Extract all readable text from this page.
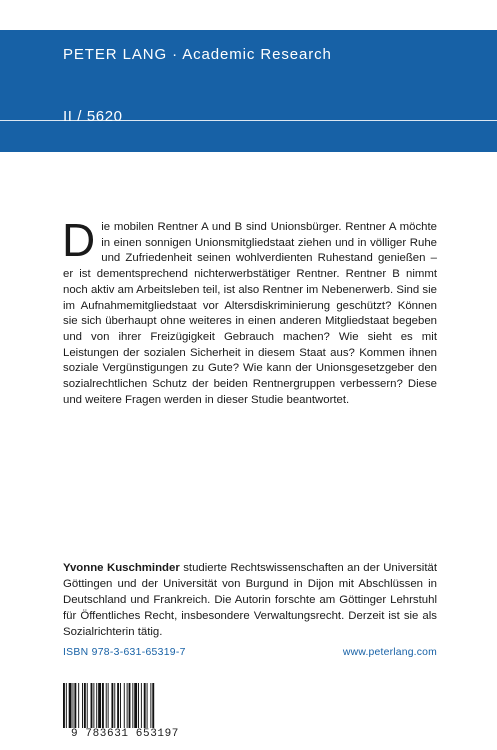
PETER LANG · Academic Research
II / 5620
D ie mobilen Rentner A und B sind Unionsbürger. Rentner A möchte in einen sonnigen Unionsmitgliedstaat ziehen und in völliger Ruhe und Zufriedenheit seinen wohlverdienten Ruhestand genießen – er ist dementsprechend nichterwerbstätiger Rentner. Rentner B nimmt noch aktiv am Arbeitsleben teil, ist also Rentner im Nebenerwerb. Sind sie im Aufnahmemitgliedstaat vor Altersdiskriminierung geschützt? Können sie sich überhaupt ohne weiteres in einen anderen Mitgliedstaat begeben und von ihrer Freizügigkeit Gebrauch machen? Wie sieht es mit Leistungen der sozialen Sicherheit in diesem Staat aus? Kommen ihnen soziale Vergünstigungen zu Gute? Wie kann der Unionsgesetzgeber den sozialrechtlichen Schutz der beiden Rentnergruppen verbessern? Diese und weitere Fragen werden in dieser Studie beantwortet.
Yvonne Kuschminder studierte Rechtswissenschaften an der Universität Göttingen und der Universität von Burgund in Dijon mit Abschlüssen in Deutschland und Frankreich. Die Autorin forschte am Göttinger Lehrstuhl für Öffentliches Recht, insbesondere Verwaltungsrecht. Derzeit ist sie als Sozialrichterin tätig.
ISBN 978-3-631-65319-7	www.peterlang.com
9 783631 653197
